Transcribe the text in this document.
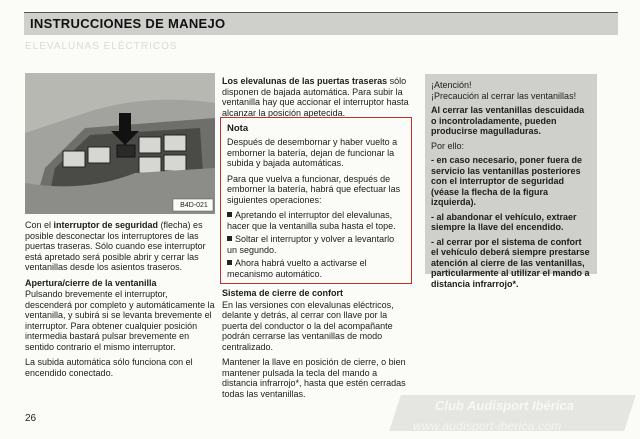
INSTRUCCIONES DE MANEJO
ELEVALUNAS ELÉCTRICOS
B4D-021

Con el interruptor de seguridad (flecha) es posible desconectar los interruptores de las puertas traseras. Sólo cuando ese interruptor está apretado será posible abrir y cerrar las ventanillas desde los asientos traseros.

Apertura/cierre de la ventanilla

Pulsando brevemente el interruptor, descenderá por completo y automáticamente la ventanilla, y subirá si se levanta brevemente el interruptor. Para obtener cualquier posición intermedia bastará pulsar brevemente en sentido contrario el mismo interruptor.

La subida automática sólo funciona con el encendido conectado.

Los elevalunas de las puertas traseras sólo disponen de bajada automática. Para subir la ventanilla hay que accionar el interruptor hasta alcanzar la posición apetecida.

Nota

Después de desembornar y haber vuelto a emborner la batería, dejan de funcionar la subida y bajada automáticas.

Para que vuelva a funcionar, después de emborner la batería, habrá que efectuar las siguientes operaciones:

Apretando el interruptor del elevalunas, hacer que la ventanilla suba hasta el tope.

Soltar el interruptor y volver a levantarlo un segundo.

Ahora habrá vuelto a activarse el mecanismo automático.

Sistema de cierre de confort

En las versiones con elevalunas eléctricos, delante y detrás, al cerrar con llave por la puerta del conductor o la del acompañante podrán cerrarse las ventanillas de modo centralizado.

Mantener la llave en posición de cierre, o bien mantener pulsada la tecla del mando a distancia infrarrojo*, hasta que estén cerradas todas las ventanillas.

¡Atención!

¡Precaución al cerrar las ventanillas!

Al cerrar las ventanillas descuidada o incontroladamente, pueden producirse magulladuras.

Por ello:

- en caso necesario, poner fuera de servicio las ventanillas posteriores con el interruptor de seguridad (véase la flecha de la figura izquierda).

- al abandonar el vehículo, extraer siempre la llave del encendido.

- al cerrar por el sistema de confort el vehículo deberá siempre prestarse atención al cierre de las ventanillas, particularmente al utilizar el mando a distancia infrarrojo*.

26
Club Audisport Ibérica
www.audisport-iberica.com
